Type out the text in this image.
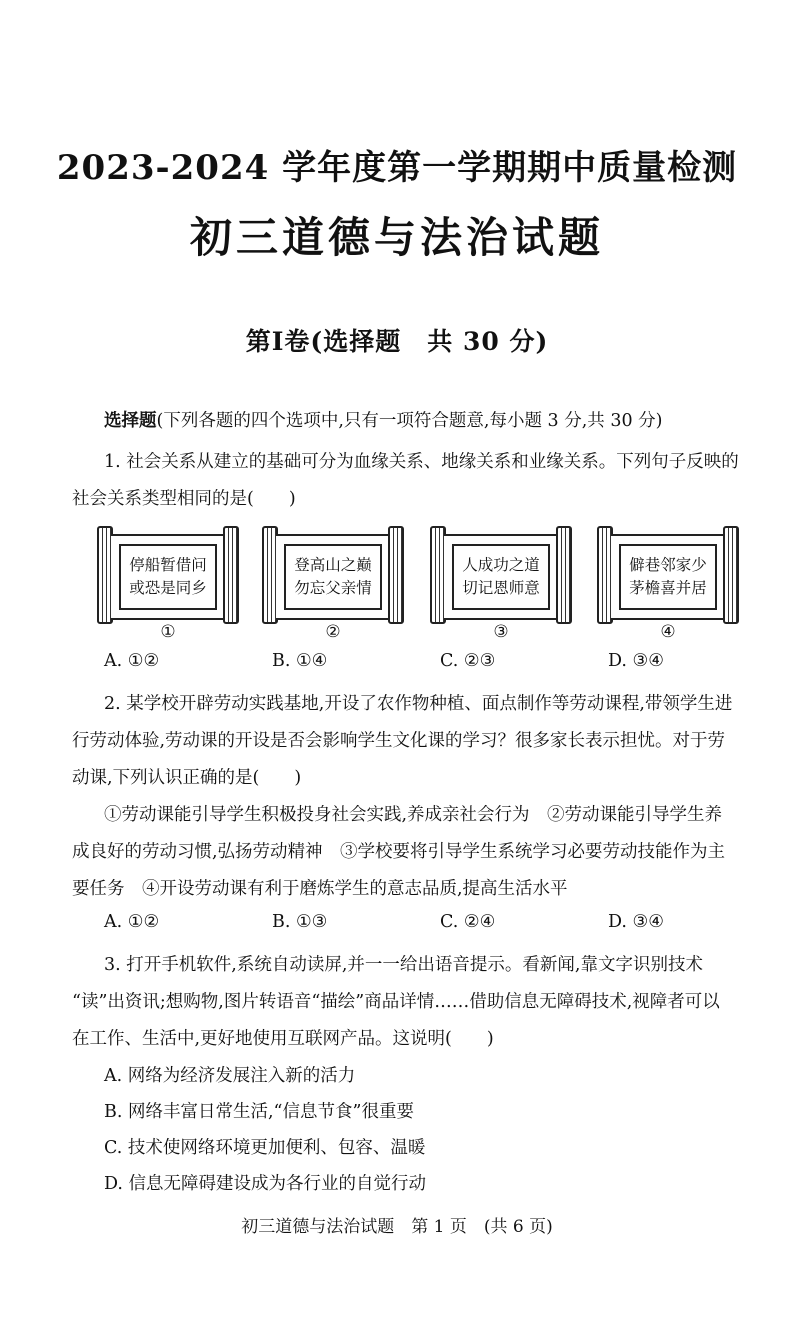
2023-2024 学年度第一学期期中质量检测
初三道德与法治试题
第Ⅰ卷(选择题　共 30 分)
选择题(下列各题的四个选项中,只有一项符合题意,每小题 3 分,共 30 分)
1. 社会关系从建立的基础可分为血缘关系、地缘关系和业缘关系。下列句子反映的
社会关系类型相同的是(　　)
停船暂借问
或恐是同乡
①
登高山之巅
勿忘父亲情
②
人成功之道
切记恩师意
③
僻巷邻家少
茅檐喜并居
④
A. ①②	B. ①④	C. ②③	D. ③④
2. 某学校开辟劳动实践基地,开设了农作物种植、面点制作等劳动课程,带领学生进
行劳动体验,劳动课的开设是否会影响学生文化课的学习？很多家长表示担忧。对于劳
动课,下列认识正确的是(　　)
①劳动课能引导学生积极投身社会实践,养成亲社会行为　②劳动课能引导学生养
成良好的劳动习惯,弘扬劳动精神　③学校要将引导学生系统学习必要劳动技能作为主
要任务　④开设劳动课有利于磨炼学生的意志品质,提高生活水平
A. ①②	B. ①③	C. ②④	D. ③④
3. 打开手机软件,系统自动读屏,并一一给出语音提示。看新闻,靠文字识别技术
“读”出资讯;想购物,图片转语音“描绘”商品详情……借助信息无障碍技术,视障者可以
在工作、生活中,更好地使用互联网产品。这说明(　　)
A. 网络为经济发展注入新的活力
B. 网络丰富日常生活,“信息节食”很重要
C. 技术使网络环境更加便利、包容、温暖
D. 信息无障碍建设成为各行业的自觉行动
初三道德与法治试题　第 1 页　(共 6 页)
